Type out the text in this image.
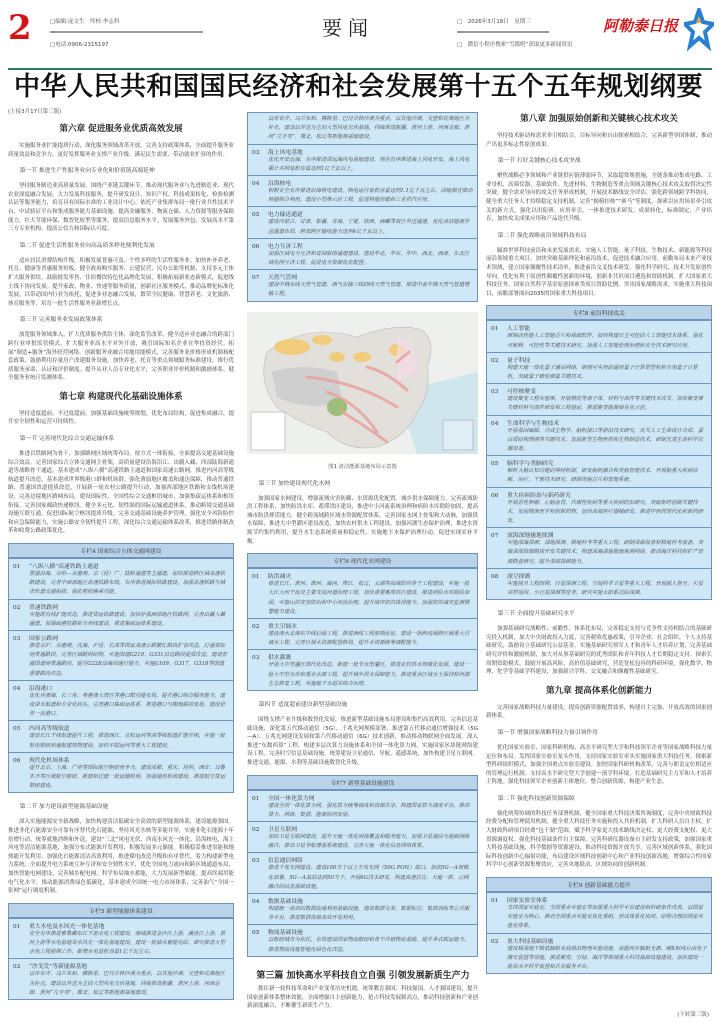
2	□编辑:庞文生　终校:李志科
□电话:0906-2315197
要闻	□　2026年3月18日　星期三
□　微信小程序搜索“雪都嗒”获取更多新闻资讯
阿勒泰日报
中华人民共和国国民经济和社会发展第十五个五年规划纲要
(上接3月17日第三版)
第六章 促进服务业优质高效发展

实施服务业扩能提质行动，深化服务领域改革开放，完善支持政策体系，全面提升服务业质量效益和竞争力，更好发挥服务业支撑产业升级、满足民生需要、带动就业扩容的作用。

第一节 推进生产性服务业向专业化和价值链高端延伸

坚持服务制造业高质量发展，围绕产业链关键环节，推动现代服务业与先进制造业、现代农业深度融合发展。大力发展科技服务，提升研发设计、知识产权、科技成果转化、检验检测认证等服务能力，培育具有国际水准的工业设计中心。依托产业集群布局一批行业共性技术平台，中试验证平台和集成服务能力基础设施。提高金融服务、物流仓储、人力资源等服务保障能力，壮大节能环保、数智化转型等服务，提高信息服务水平。发展服务外包，发展高水平第三方专业机构，提高公信力和国际认可度。

第二节 促进生活性服务业向高品质多样化便利化发展

适应居民消费结构升级，积极发展普惠可及、个性多样的生活性服务业。加快补齐养老、托育、健康等普惠服务短板，健全政府购买服务、公建民营、民办公助等机制，支持多元主体扩大服务供给。鼓励批发零售、住宿餐饮特色化品牌化发展，积极拓展新业态新模式，促进线上线下协同发展。提升家政、物业、快递等服务质量，创新社区服务模式，推动品牌化标准化发展。以带动国内行业为依托，促进多业态融合发展，繁荣全民健康、智慧养老、文化旅游、体育服务等，培育一批生活性服务业新增长点。

第三节 完善服务业发展政策体系

放宽服务领域准入，扩大优质服务供给主体，深化监管改革，健全适应业态融合的跨部门跨行业审批监管模式。扩大服务业高水平对外开放，吸引国际知名企业在华投资经营。拓展“制造+服务”海外经营网络。创新服务业融合用地用能模式，完善服务业价格形成机制和配套政策，鼓励利用存量房产改建服务设施。加快养老、托育等重点领域服务标准建设，推行优质服务承诺、认证和评价制度。提升从业人员专业化水平，完善职业评价机制和激励体系。健全服务业统计监测体系。

第七章 构建现代化基础设施体系

坚持适度超前、不过度超前，加强基础设施统筹规划，优化布局结构，促进集成融合，提升安全韧性和运营可持续性。

第一节 完善现代化综合交通运输体系

推进以铁路网为骨干、加强路网区域统筹布局，按方式一体衔接，全面提高交通基础设施综合效益。完善国家综合立体交通网主骨架，高质量建设沿海沿江、出疆入藏、西部陆海新通道等战略骨干通道，基本建成“八纵八横”高速铁路主通道和国家高速公路网，推进内河高等级航道提升改造，基本建成世界级港口群和机场群。强化薄弱地区覆盖和通达保障，推动普通铁路、普通国省道提质改造，开展新一轮农村公路提升行动，加强西部地区铁路和支线机场建设，完善边境地区路网布局。建设国际性、全国性综合交通枢纽城市，加强集疏运体系和枢纽衔接，完善国家邮政快递枢纽。健全多元化、韧性强的国际运输通道体系，推动跨境交通基础设施互联互通，促进国际航空枢纽提质升级。完善交通基础设施养护管理，强化安全风险防控和应急保障能力，实施公路安全韧性提升工程，深化综合交通运输体系改革，推进铁路体制改革和收费公路政策优化。

专栏4 国家综合立体交通网建设
01 “八纵八横”高速铁路主通道
贯通沿海、京哈—京港澳、京（昆）广、陆桥通道等主通道，加快推进跨区域高速铁路建设，完善中西部地区高速铁路布局，有序推进城际铁路建设，加强高速铁路与城市轨道交通衔接，强化枢纽换乘功能。
02 普速铁路网
实施既有线扩能改造，推进货运铁路建设，加快补强西部地区铁路网，完善出疆入藏通道，加强疏港铁路和专用线建设，推进集疏运体系建设。
03 国家公路网
推进京沪、京港澳、沈海、沪昆、长深等国家高速公路繁忙路段扩容改造，打通省际待贯通路段，完善区域路网结构，实施国道G219、G331沿边路段提质改造，建设普通国道待贯通路段，提升G228沿海段通行能力，实施G109、G317、G318等国道重要路段改造。
04 沿海港口
优化环渤海、长三角、粤港澳大湾区等港口群功能布局，提升港口综合服务能力，建设深水航道和专业化码头，完善港口集疏运体系，推进港口与腹地联动发展，建设世界一流港口。
05 内河高等级航道
建设长江干线航道提升工程，推进西江、京杭运河等高等级航道扩能升级，实施一批航电枢纽和通航建筑物建设，加快平陆运河等重大工程建设。
06 现代化机场体系
提升北京、上海、广州等国际航空枢纽竞争力，建设成都、重庆、昆明、西安、乌鲁木齐等区域航空枢纽，新建和迁建一批运输机场，加强通用机场建设，推进航空货运枢纽建设。
第二节 加力建设新型能源基础设施

深入实施能源安全新战略，加快构建清洁低碳安全高效的新型能源体系，建设能源强国。推进非化石能源安全可靠有序替代化石能源，坚持风光水核等多能并举，实施非化石能源十年倍增行动。统筹就地消纳和外送，建设“三北”风电光伏、西南水风光一体化、沿海核电、海上风电等清洁能源基地，加强分布式能源开发利用，积极发展多元储能。积极稳妥推进氢能和地热能开发利用。加强化石能源清洁高效利用，推进煤电改造升级和有序替代。着力构建新型电力系统，全面提升电力系统互补互济和安全韧性水平，优化全国电力流向和跨区域通道布局，加快智能电网建设，完善城乡配电网，科学布局抽水蓄能，大力发展新型储能。提高终端用能电气化水平，推动能源消费绿色低碳化。基本建成全国统一电力市场体系，完善油气“全国一张网”运行调度机制。

专栏5 新型能源体系建设
01 重大水电及水风光一体化基地
安全有序推进雅鲁藏布江下游水电工程建设，继续推进金沙江上游、澜沧江上游、黄河上游等水电基地及水风光一体化基地建设，建设一批抽水蓄能电站，研究推进大型水电工程前期工作，新增水电装机容量1亿千瓦左右。
02 “沙戈荒”等新能源基地
以库布齐、乌兰布和、腾格里、巴丹吉林沙漠为重点，以其他沙漠、戈壁和荒漠地区为补充，建设以外送为主的大型风电光伏基地，持续推进新疆、黄河上游、河西走廊、黄河“几字弯”、冀北、松辽等新能源基地建设。
以库布齐、乌兰布和、腾格里、巴丹吉林沙漠为重点，以其他沙漠、戈壁和荒漠地区为补充，建设以外送为主的大型风电光伏基地，持续推进新疆、黄河上游、河西走廊、黄河“几字弯”、冀北、松辽等新能源基地建设。
03 海上风电基地
优化开发近海、有序推进深远海风电基地建设，规范有序推进海上风电开发，海上风电累计并网装机容量达到1亿千瓦以上。
04 沿海核电
积极安全有序推进沿海核电建设，核电运行装机容量达到1.1亿千瓦左右，因地制宜推动核能综合利用，建设小型堆示范工程，促进核能供暖和工业供汽应用。
05 电力输送通道
建设内蒙古、甘肃、新疆、青海、宁夏、陕西、西藏等省区外送通道，优化清洁能源外送通道布局，跨省跨区输电能力达到4亿千瓦以上。
06 电力互济工程
加强区域电力互济和省间联络通道建设，建设华北、华东、华中、西北、西南、东北区域电网互济工程，促进电力资源优化配置。
07 天然气管网
建设中俄东线天然气管道、西气东输三线四线天然气管道，推进中亚中俄天然气管道增输工程。
图1 清洁能源基地布局示意图
第三节 加快建设现代化水网

加强国家水网建设，增强流域灾害防御、水资源优化配置、城乡供水保障能力。完善流域防洪工程体系，加快防洪水库、蓄滞洪区建设，推进中小河流系统治理和病险水库除险加固，提高城市防洪排涝能力，健全跨流域跨区域水资源配置体系，完善国家水网主骨架和大动脉，加强供水保障，推进大中型灌区建设改造，加快农村供水工程建设，加强河湖生态保护治理，推进水资源节约集约利用，提升水生态系统质量和稳定性，实施地下水保护治理行动，促进实现采补平衡。

专栏6 现代化水网建设
01 防洪减灾
推进长江、黄河、淮河、海河、珠江、松辽、太湖等流域防洪骨干工程建设，实施一批大江大河干流及主要支流河道治理工程，加快重要蓄滞洪区建设，推进病险水库除险加固，实施山洪灾害防治和中小河流治理，提升城市防洪排涝能力，加强防洪减灾监测预警能力建设。
02 重大引调水
建设南水北调东中线后续工程，推进西线工程前期论证，建设一批跨流域跨区域重大引调水工程，完善区域水资源配置格局，提升水资源统筹调配能力。
03 供水灌溉
开展大中型灌区现代化改造，新建一批节水型灌区，推进农村供水规模化发展，建设一批大中型水库和重点水源工程，提升城乡供水保障能力，推进重点区域水土保持和河湖生态修复工程，实施地下水超采综合治理。
第四节 适度超前建设新型基础设施

围绕支撑产业升级和数智化发展，推进新型基础设施布局建设和集约高效利用。完善信息基础设施，深化第五代移动通信（5G）、千兆光网规模部署，推进第五代移动通信增强技术（5G—A）、万兆光网建设发展和第六代移动通信（6G）技术创新，推动移动物联网全面发展。深入推进“东数西算”工程，构建多层次算力设施体系和全国一体化算力网。实施国家区块链网络建设工程。完善时空信息基础设施，统筹建设卫星通信、导航、遥感系统，加快构建卫星互联网。推进交通、能源、水利等基础设施数智化升级。

专栏7 新型基础设施建设
01 全国一体化算力网
建设全国一体化算力网，强化算力统筹调度和资源共享，构建国家算力调度平台，推动算力、网络、数据、能源协同发展。
02 卫星互联网
加快卫星互联网建设，提升天地一体化网络覆盖和服务能力，加强卫星通信与地面网络融合，推动卫星导航增强系统建设，完善天地一体化信息网络体系。
03 信息通信网络
推进千兆光网建设，建设100万个以上万兆光网（50G PON）端口，加快5G—A规模化部署，5G—A基站达到50万个，开展6G技术研发，构建高速泛在、天地一体、云网融合的信息基础设施。
04 数据基础设施
构建统一高效的数据流通利用基础设施，建设数据交易、数据标注、数据训练等公共服务平台，推进数据资源高效开发利用。
05 物流基础设施
以枢纽城市为依托，布局建设国家物流枢纽和骨干冷链物流基地，提升多式联运能力，推进物流设施智能化绿色化改造。
第八章 加强原始创新和关键核心技术攻关

坚持技术驱动和需求牵引相结合，目标导向和自由探索相结合，完善新型举国体制，推动产出更多标志性原创成果。

第一节 打好关键核心技术攻坚战

聚焦战略必争领域和产业链供应链薄弱环节，采取超常规措施，全链条推动集成电路、工业母机、高端仪器、基础软件、先进材料、生物制造等重点领域关键核心技术攻关取得决定性突破。健全需求导向的攻关任务形成机制，开展技术路线安全评估。强化跨领域跨学科协同，健全重大任务人才持续稳定支持机制，完善“揭榜挂帅”“赛马”等制度，探索以应用场景牵引攻关的新方式，强化以用促研、应用牵引，一体推进技术研发、成果转化、标准制定、产业培育，加快攻关成果应用和产品迭代升级。

第二节 强化战略前沿领域科技布局

瞄准世界科技前沿和未来发展需求，实施人工智能、量子科技、生物技术、新能源等科技前沿领域重大项目，加快突破基础理论和前沿技术，促进技术融合应用。前瞻布局未来产业技术领域，建立国家颠覆性技术清单，推进前沿交叉技术研发。强化科学研究、技术开发原创性导向，优化有利于原创性颠覆性创新的环境，创新非共识项目遴选和资助机制。扩大国家重大科技任务、国家自然科学基金原创探索类项目资助比例。突出国家战略需求，实施重大科技项目，前瞻部署面向2035的国家重大科技项目。

专栏8 前沿科技攻关
01 人工智能
研制高性能人工智能芯片和基础软件，加快构建自主可控的人工智能技术体系，强化可解释、可控性等关键技术研究，加强人工智能伦理治理和安全技术研究应用。
02 量子科技
构建天地一体化量子通信网络，研制可实用的通用量子计算原型机和专用量子计算机，突破量子精密测量关键技术。
03 可控核聚变
建设聚变工程实验堆，开展燃烧等离子体、材料与部件等关键技术攻关，加快聚变堆关键材料与部件研发和工程验证，推进聚变能源商业化示范。
04 生命科学与生物技术
开展基因编辑、合成生物学、脑机接口等前沿技术研究，攻关人工生命设计合成、蛋白质结构预测等关键技术，发展新型生物医药和生物制造技术，研制先进生命科学仪器设备。
05 脑科学与类脑研究
解析大脑认知功能的神经机制，研发脑机融合和类脑智能技术，开展脑重大疾病诊断、治疗、干预技术研究，研制类脑芯片和智能系统。
06 重大疾病防治与新药研究
开展恶性肿瘤、心脑血管、代谢性疾病等重大疾病防治研究，突破新药创制关键技术，发展精准医学和创新药物，加快高端医疗器械研发，推进中医药现代化和新药研发。
07 深海深地极地探测
实施深海探测、深地探测、极地科考等重大工程，研制深海装备和极地科考装备，突破深部资源勘探开发关键技术，构建深海深地极地观测网络，推动海洋科技和矿产资源勘查研究，提升深部探测能力。
08 深空探测
实施探月工程四期、行星探测工程、空间科学卫星等重大工程，开展载人登月、火星采样返回、小行星探测等任务，研究实施太阳系边际探测。
第三节 全面提升基础研究水平

加强基础研究战略性、前瞻性、体系化布局，完善稳定支持与竞争性支持相结合的基础研究投入机制，加大中央财政投入力度，完善税收优惠政策，引导企业、社会组织、个人支持基础研究，鼓励设立基础研究公益基金。实施基础研究领军人才和青年人才培养计划，完善基础研究评价和激励机制，加大对从事基础研究的优秀团队和青年科技人才长期稳定支持。探索长周期资助模式，鼓励开展高风险、高价值基础研究，营造宽松包容的科研环境，强化数学、物理、化学等基础学科建设，加强新兴学科、交叉融合和颠覆性基础研究。

第九章 提高体系化创新能力

完善国家战略科技力量建设，提高创新资源配置效率，构建自主完备、开放高效的国家创新体系。

第一节 增强国家战略科技力量引领作用

优化国家实验室、国家科研机构、高水平研究型大学和科技领军企业等国家战略科技力量定位和布局。发挥国家实验室龙头作用，支持国家实验室牵头实施国家重大科技任务，探索新型科研组织模式，加强全国重点实验室建设。加快国家科研机构改革，完善与职责定位相适应的管理运行机制。支持高水平研究型大学创建一流学科环境，打造基础研究主力军和人才培养主阵地。强化科技领军企业创新主体地位，整合创新资源，构建产业生态。

第二节 强化科技创新资源保障

强化统筹协调的科技任务部署机制，健全国家重大科技决策咨询制度，完善中央财政科技经费分配和管理使用机制，健全重大科技任务实施和投入共担机制，扩大科研人员自主权。扩大财政科研项目经费“包干制”范围，赋予科学家更大技术路线决定权、更大经费支配权、更大资源调度权。强化科技基础条件自主保障，完善科研仪器设备自主研发支持政策，加强国家重大科技基础设施、科学数据等资源建设，推动科技资源开放共享。完善区域创新体系，强化国际科技创新中心辐射功能，布局建设区域科技创新中心和产业科技创新高地，增强综合性国家科学中心创新资源集聚效应，完善央地联动、区域协同的创新机制。

专栏9 创新基础能力提升
01 国家实验室体系
支持国家实验室、全国重点实验室等加强重大科学平台建设和科研条件改善，以国家实验室为核心，推动全国重点实验室优化重组，形成体系化协同、结构合理的国家实验室体系。
02 重大科技基础设施
建设极深地下极低辐射本底前沿物理实验设施、高能同步辐射光源、硬X射线自由电子激光装置等设施，推进聚变、空间、海洋等领域重大科技基础设施建设，加快建设一批高水平科学装置和共享服务平台。
第三篇 加快高水平科技自立自强 引领发展新质生产力

抓住新一轮科技革命和产业变革历史机遇，统筹教育强国、科技强国、人才强国建设，提升国家创新体系整体效能，全面增强自主创新能力，抢占科技发展制高点，推动科技创新和产业创新深度融合，不断催生新质生产力。

(下转第三版)
